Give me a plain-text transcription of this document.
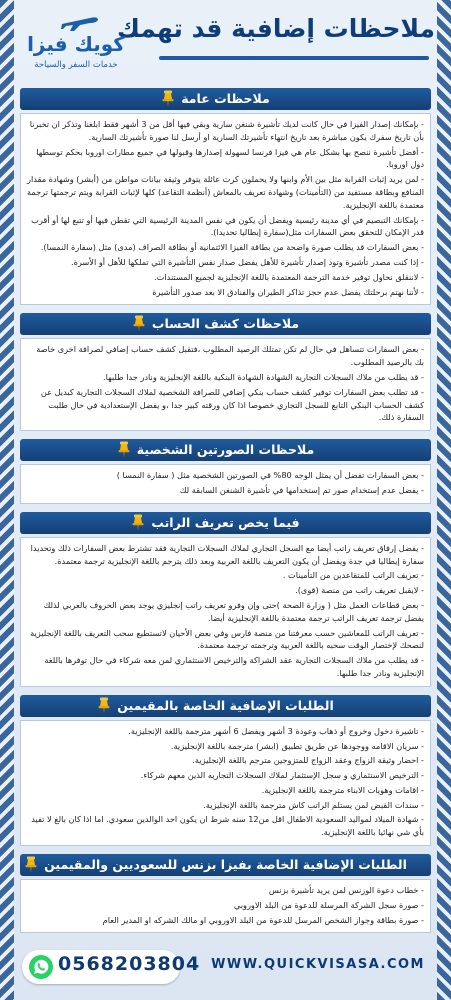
ملاحظات إضافية قد تهمك
كويك فيزا
خدمات السفر والسياحة
ملاحظات عامة

- بإمكانك إصدار الفيزا في حال كانت لديك تأشيرة شنغن سارية وبقي فيها أقل من 3 أشهر فقط ابلغنا وتذكر ان تخبرنا بأن تاريخ سفرك يكون مباشرة بعد تاريخ انتهاء تأشيرتك السارية او أرسل لنا صورة تأشيرتك السارية.

- أفضل تأشيرة ننصح بها بشكل عام هي فيزا فرنسا لسهولة إصدارها وقبولها في جميع مطارات اوروبا بحكم توسطها دول اوروبا.

- لمن يريد إثبات القرابة مثل بين الأم وابنها ولا يحملون كرت عائلة يتوفر وثيقة بيانات مواطن من (أبشر) وشهادة مقدار المنافع وبطاقة مستفيد من (التأمينات) وشهادة تعريف بالمعاش (أنظمة التقاعد) كلها لإثبات القرابة ويتم ترجمتها ترجمة معتمدة باللغة الإنجليزية.

- بإمكانك التبصيم في أي مدينة رئيسية ويفضل أن يكون في نفس المدينة الرئيسية التي تقطن فيها أو تتبع لها أو أقرب قدر الإمكان للتحقق بعض السفارات مثل(سفارة إيطاليا تحديدا).

- بعض السفارات قد يطلب صورة واضحة من بطاقة الفيزا الائتمانية أو بطاقة الصراف (مدى) مثل (سفارة النمسا).

- إذا كنت مصدر تأشيرة وتود إصدار تأشيرة للأهل يفضل صدار نفس التأشيرة التي تملكها للأهل أو الأسرة.

- لاننقلق نحاول توفير خدمة الترجمة المعتمدة باللغة الإنجليزية لجميع المستندات.

- لأننا نهتم برحلتك يفضل عدم حجز تذاكر الطيران والفنادق الا بعد صدور التأشيرة

ملاحظات كشف الحساب

- بعض السفارات تتساهل في حال لم تكن تمتلك الرصيد المطلوب ،فتقبل كشف حساب إضافي لصرافة اخرى خاصة بك بالرصيد المطلوب.

- قد يطلب من ملاك السجلات التجارية الشهادة الشهادة البنكية باللغة الإنجليزية ونادر جدا طلبها.

- قد تطلب بعض السفارات توفير كشف حساب بنكي إضافي للصرافة الشخصية لملاك السجلات التجارية كبديل عن كشف الحساب البنكي التابع للسجل التجاري خصوصا اذا كان ورقته كبير جدا ،و يفضل الإستعدادية في حال طلبت السفارة ذلك.

ملاحظات الصورتين الشخصية

- بعض السفارات تفضل أن يمثل الوجه 80% في الصورتين الشخصية مثل ( سفارة النمسا )

- يفضل عدم إستخدام صور تم إستخدامها في تأشيرة الشنغن السابقة لك

فيما يخص تعريف الراتب

- يفضل إرفاق تعريف راتب أيضا مع السجل التجاري لملاك السجلات التجارية فقد تشترط بعض السفارات ذلك وتحديدا سفارة إيطاليا في جدة ويفضل أن يكون التعريف باللغة العربية وبعد ذلك يترجم باللغة الإنجليزية ترجمة معتمدة.

- تعريف الراتب للمتقاعدين من التأمينات .

- لايقبل تعريف راتب من منصة (قوى).

- بعض قطاعات العمل مثل ( وزارة الصحة )حتى وإن وفرو تعريف راتب إنجليزي يوجد بعض الحروف بالعربي لذلك يفضل ترجمة تعريف الراتب ترجمة معتمدة باللغة الإنجليزية أيضا.

- تعريف الراتب للمعاشين حسب معرفتنا من منصة فارس وفي بعض الأحيان لاتستطيع سحب التعريف باللغة الإنجليزية لنصحك لإختصار الوقت سحبه باللغة العربية وترجمته ترجمة معتمدة.

- قد يطلب من ملاك السجلات التجارية عقد الشراكة والترخيص الاستثماري لمن معه شركاء في حال توفرها باللغة الإنجليزية ونادر جدا طلبها.

الطلبات الإضافية الخاصة بالمقيمين

- تاشيرة دخول وخروج أو ذهاب وعودة 3 أشهر ويفضل 6 أشهر مترجمة باللغة الإنجليزية.

- سريان الاقامه ووجودها عن طريق تطبيق (ابشر) مترجمة باللغة الإنجليزية.

- احضار وثيقة الزواج وعقد الزواج للمتزوجين مترجم باللغة الإنجليزية.

- الترخيص الاستثماري و سجل الإستثمار لملاك السجلات التجاريه الذين معهم شركاء.

- اقامات وهويات الابناء مترجمة باللغة الإنجليزية.

- سندات القبض لمن يستلم الراتب كاش مترجمة باللغة الإنجليزية.

- شهادة الميلاد لمواليد السعودية الاطفال اقل من12 سنه شرط ان يكون احد الوالدين سعودي. اما اذا كان بالغ لا تفيد بأي شي نهائيا باللغة الإنجليزية.

الطلبات الإضافية الخاصة بفيزا بزنس للسعوديين والمقيمين

- خطاب دعوة الوزنس لمن يريد تأشيرة بزنس

- صورة سجل الشركة المرسلة للدعوة من البلد الاوروبي

- صورة بطاقة وجواز الشخص المرسل للدعوة من البلد الاوروبي او مالك الشركه او المدير العام

0568203804 WWW.QUICKVISASA.COM
